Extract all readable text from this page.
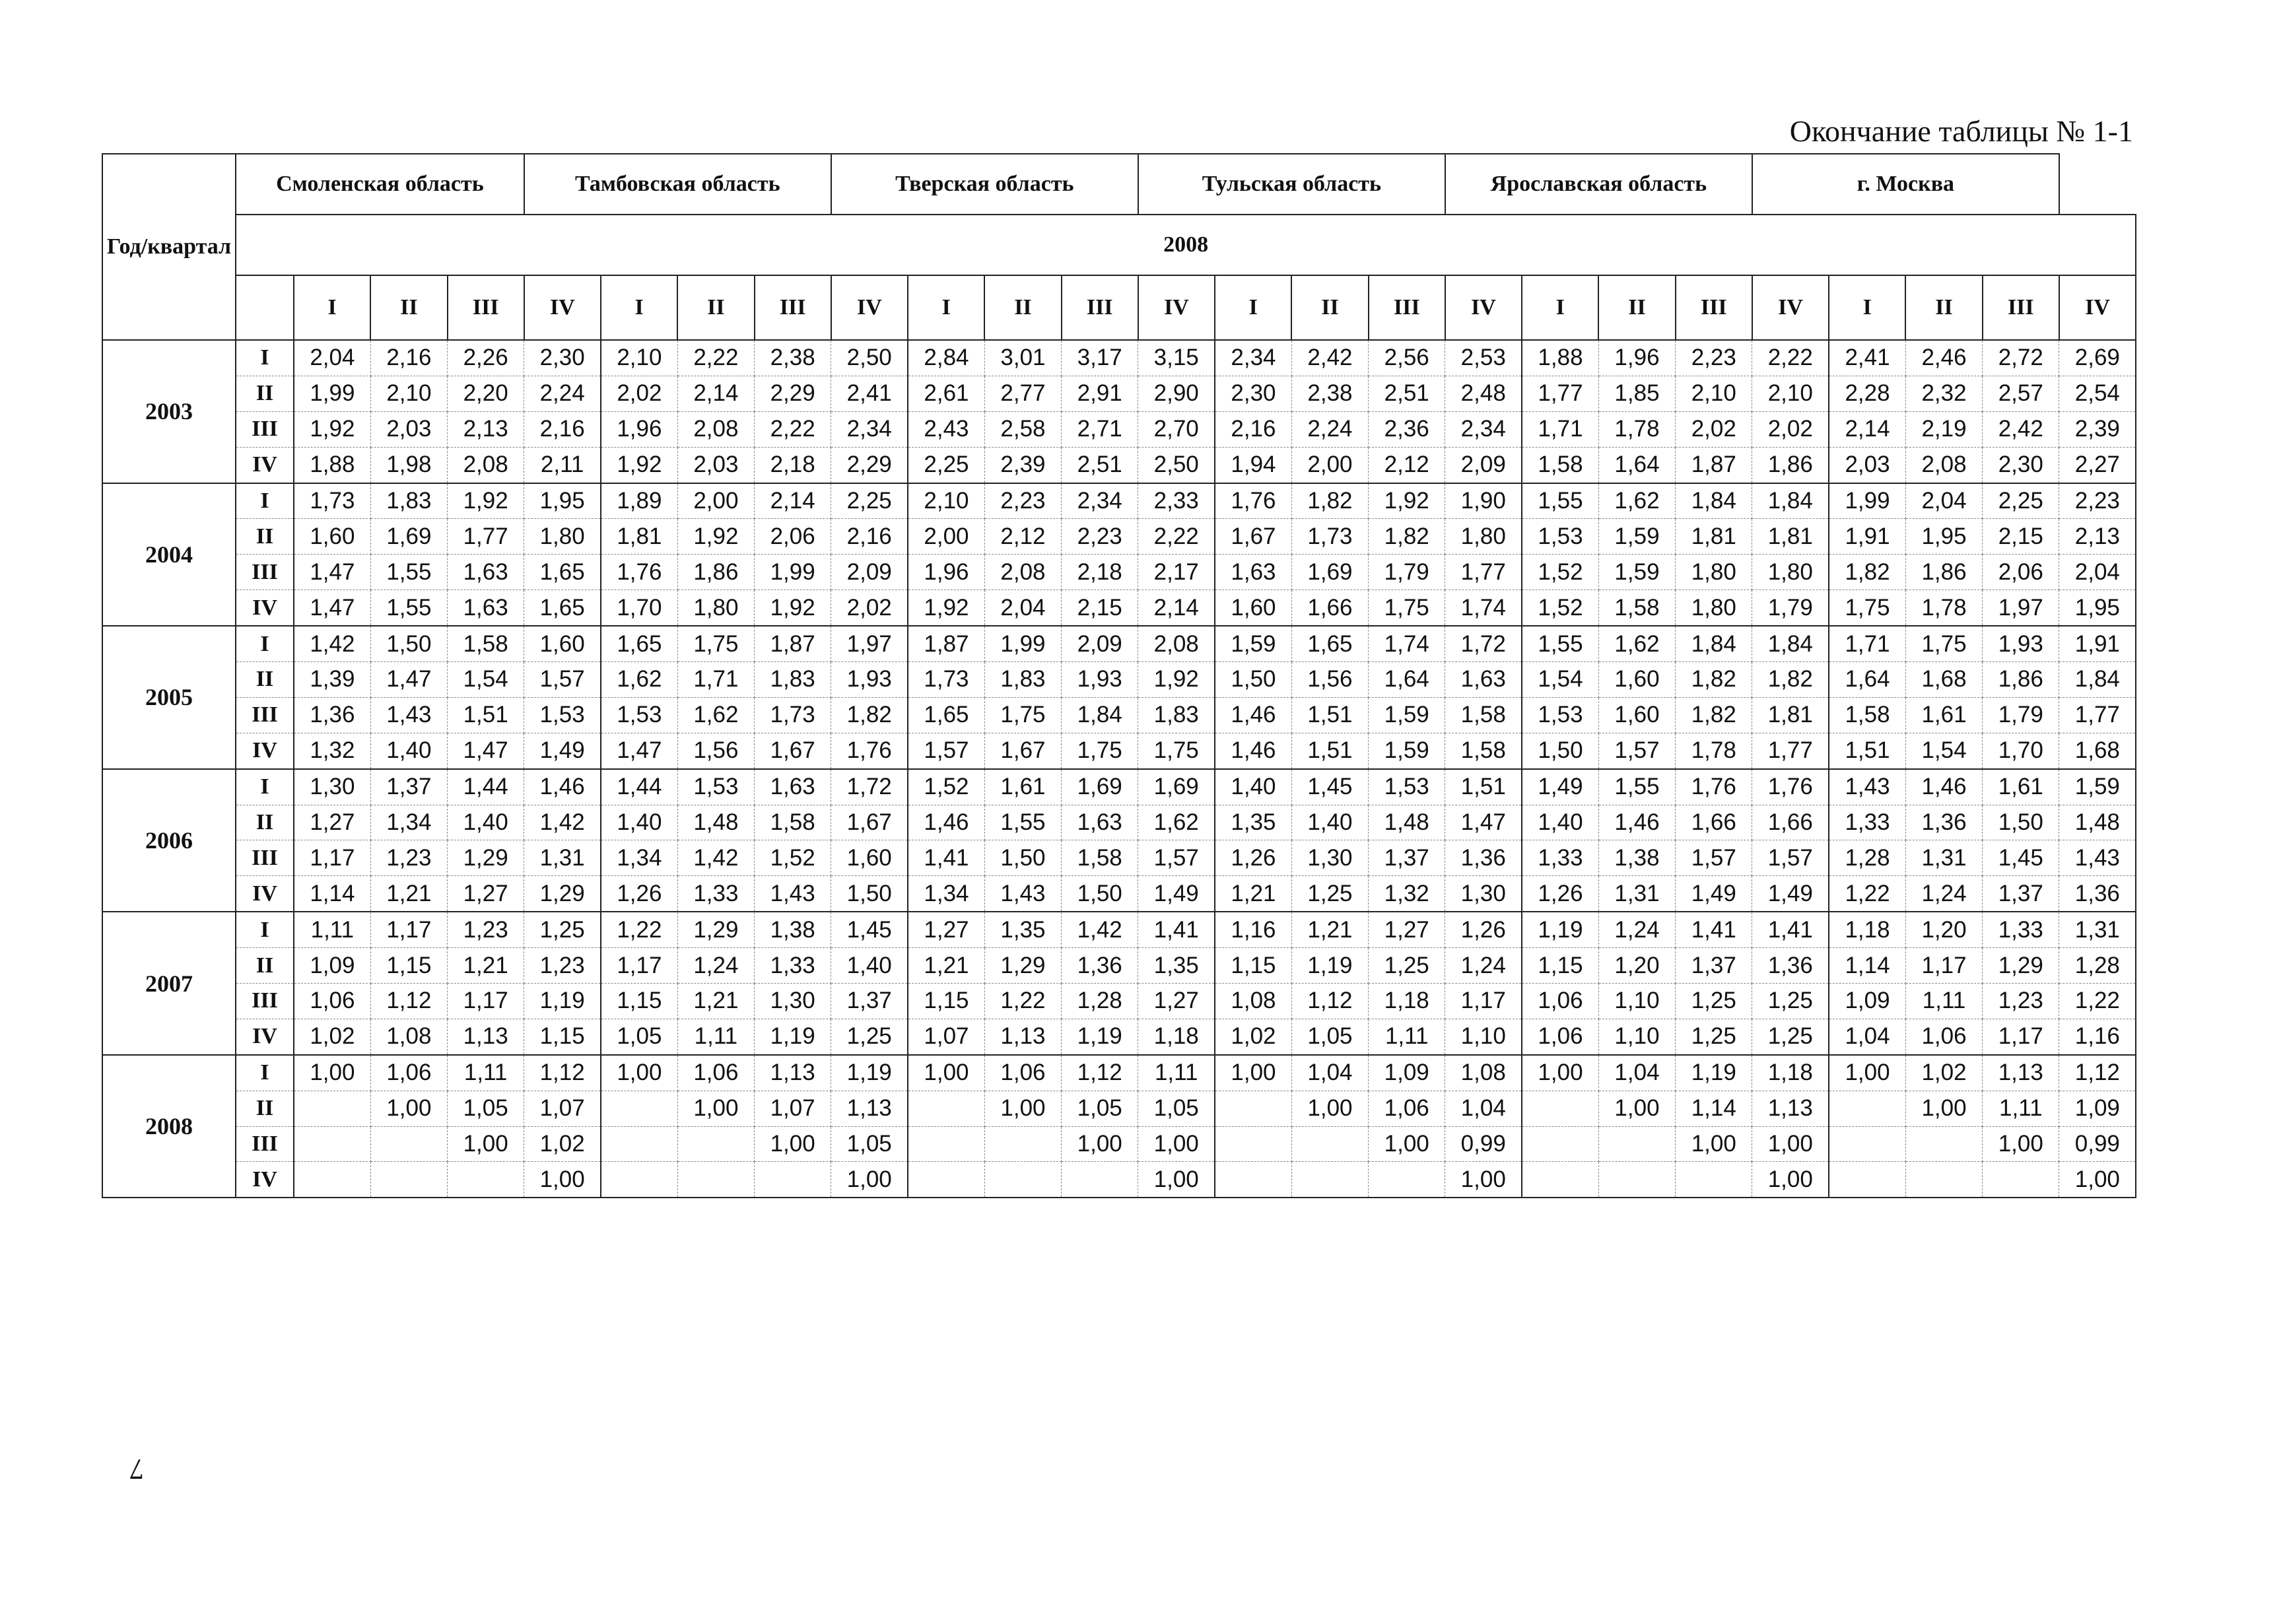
Окончание таблицы № 1-1
Год/квартал	Смоленская область				Тамбовская область				Тверская область				Тульская область				Ярославская область				г. Москва				
	2008																								
		I	II	III	IV	I	II	III	IV	I	II	III	IV	I	II	III	IV	I	II	III	IV	I	II	III	IV
2003	I	2,04	2,16	2,26	2,30	2,10	2,22	2,38	2,50	2,84	3,01	3,17	3,15	2,34	2,42	2,56	2,53	1,88	1,96	2,23	2,22	2,41	2,46	2,72	2,69
	II	1,99	2,10	2,20	2,24	2,02	2,14	2,29	2,41	2,61	2,77	2,91	2,90	2,30	2,38	2,51	2,48	1,77	1,85	2,10	2,10	2,28	2,32	2,57	2,54
	III	1,92	2,03	2,13	2,16	1,96	2,08	2,22	2,34	2,43	2,58	2,71	2,70	2,16	2,24	2,36	2,34	1,71	1,78	2,02	2,02	2,14	2,19	2,42	2,39
	IV	1,88	1,98	2,08	2,11	1,92	2,03	2,18	2,29	2,25	2,39	2,51	2,50	1,94	2,00	2,12	2,09	1,58	1,64	1,87	1,86	2,03	2,08	2,30	2,27
2004	I	1,73	1,83	1,92	1,95	1,89	2,00	2,14	2,25	2,10	2,23	2,34	2,33	1,76	1,82	1,92	1,90	1,55	1,62	1,84	1,84	1,99	2,04	2,25	2,23
	II	1,60	1,69	1,77	1,80	1,81	1,92	2,06	2,16	2,00	2,12	2,23	2,22	1,67	1,73	1,82	1,80	1,53	1,59	1,81	1,81	1,91	1,95	2,15	2,13
	III	1,47	1,55	1,63	1,65	1,76	1,86	1,99	2,09	1,96	2,08	2,18	2,17	1,63	1,69	1,79	1,77	1,52	1,59	1,80	1,80	1,82	1,86	2,06	2,04
	IV	1,47	1,55	1,63	1,65	1,70	1,80	1,92	2,02	1,92	2,04	2,15	2,14	1,60	1,66	1,75	1,74	1,52	1,58	1,80	1,79	1,75	1,78	1,97	1,95
2005	I	1,42	1,50	1,58	1,60	1,65	1,75	1,87	1,97	1,87	1,99	2,09	2,08	1,59	1,65	1,74	1,72	1,55	1,62	1,84	1,84	1,71	1,75	1,93	1,91
	II	1,39	1,47	1,54	1,57	1,62	1,71	1,83	1,93	1,73	1,83	1,93	1,92	1,50	1,56	1,64	1,63	1,54	1,60	1,82	1,82	1,64	1,68	1,86	1,84
	III	1,36	1,43	1,51	1,53	1,53	1,62	1,73	1,82	1,65	1,75	1,84	1,83	1,46	1,51	1,59	1,58	1,53	1,60	1,82	1,81	1,58	1,61	1,79	1,77
	IV	1,32	1,40	1,47	1,49	1,47	1,56	1,67	1,76	1,57	1,67	1,75	1,75	1,46	1,51	1,59	1,58	1,50	1,57	1,78	1,77	1,51	1,54	1,70	1,68
2006	I	1,30	1,37	1,44	1,46	1,44	1,53	1,63	1,72	1,52	1,61	1,69	1,69	1,40	1,45	1,53	1,51	1,49	1,55	1,76	1,76	1,43	1,46	1,61	1,59
	II	1,27	1,34	1,40	1,42	1,40	1,48	1,58	1,67	1,46	1,55	1,63	1,62	1,35	1,40	1,48	1,47	1,40	1,46	1,66	1,66	1,33	1,36	1,50	1,48
	III	1,17	1,23	1,29	1,31	1,34	1,42	1,52	1,60	1,41	1,50	1,58	1,57	1,26	1,30	1,37	1,36	1,33	1,38	1,57	1,57	1,28	1,31	1,45	1,43
	IV	1,14	1,21	1,27	1,29	1,26	1,33	1,43	1,50	1,34	1,43	1,50	1,49	1,21	1,25	1,32	1,30	1,26	1,31	1,49	1,49	1,22	1,24	1,37	1,36
2007	I	1,11	1,17	1,23	1,25	1,22	1,29	1,38	1,45	1,27	1,35	1,42	1,41	1,16	1,21	1,27	1,26	1,19	1,24	1,41	1,41	1,18	1,20	1,33	1,31
	II	1,09	1,15	1,21	1,23	1,17	1,24	1,33	1,40	1,21	1,29	1,36	1,35	1,15	1,19	1,25	1,24	1,15	1,20	1,37	1,36	1,14	1,17	1,29	1,28
	III	1,06	1,12	1,17	1,19	1,15	1,21	1,30	1,37	1,15	1,22	1,28	1,27	1,08	1,12	1,18	1,17	1,06	1,10	1,25	1,25	1,09	1,11	1,23	1,22
	IV	1,02	1,08	1,13	1,15	1,05	1,11	1,19	1,25	1,07	1,13	1,19	1,18	1,02	1,05	1,11	1,10	1,06	1,10	1,25	1,25	1,04	1,06	1,17	1,16
2008	I	1,00	1,06	1,11	1,12	1,00	1,06	1,13	1,19	1,00	1,06	1,12	1,11	1,00	1,04	1,09	1,08	1,00	1,04	1,19	1,18	1,00	1,02	1,13	1,12
	II		1,00	1,05	1,07		1,00	1,07	1,13		1,00	1,05	1,05		1,00	1,06	1,04		1,00	1,14	1,13		1,00	1,11	1,09
	III			1,00	1,02			1,00	1,05			1,00	1,00			1,00	0,99			1,00	1,00			1,00	0,99
	IV				1,00				1,00				1,00				1,00				1,00				1,00
7
